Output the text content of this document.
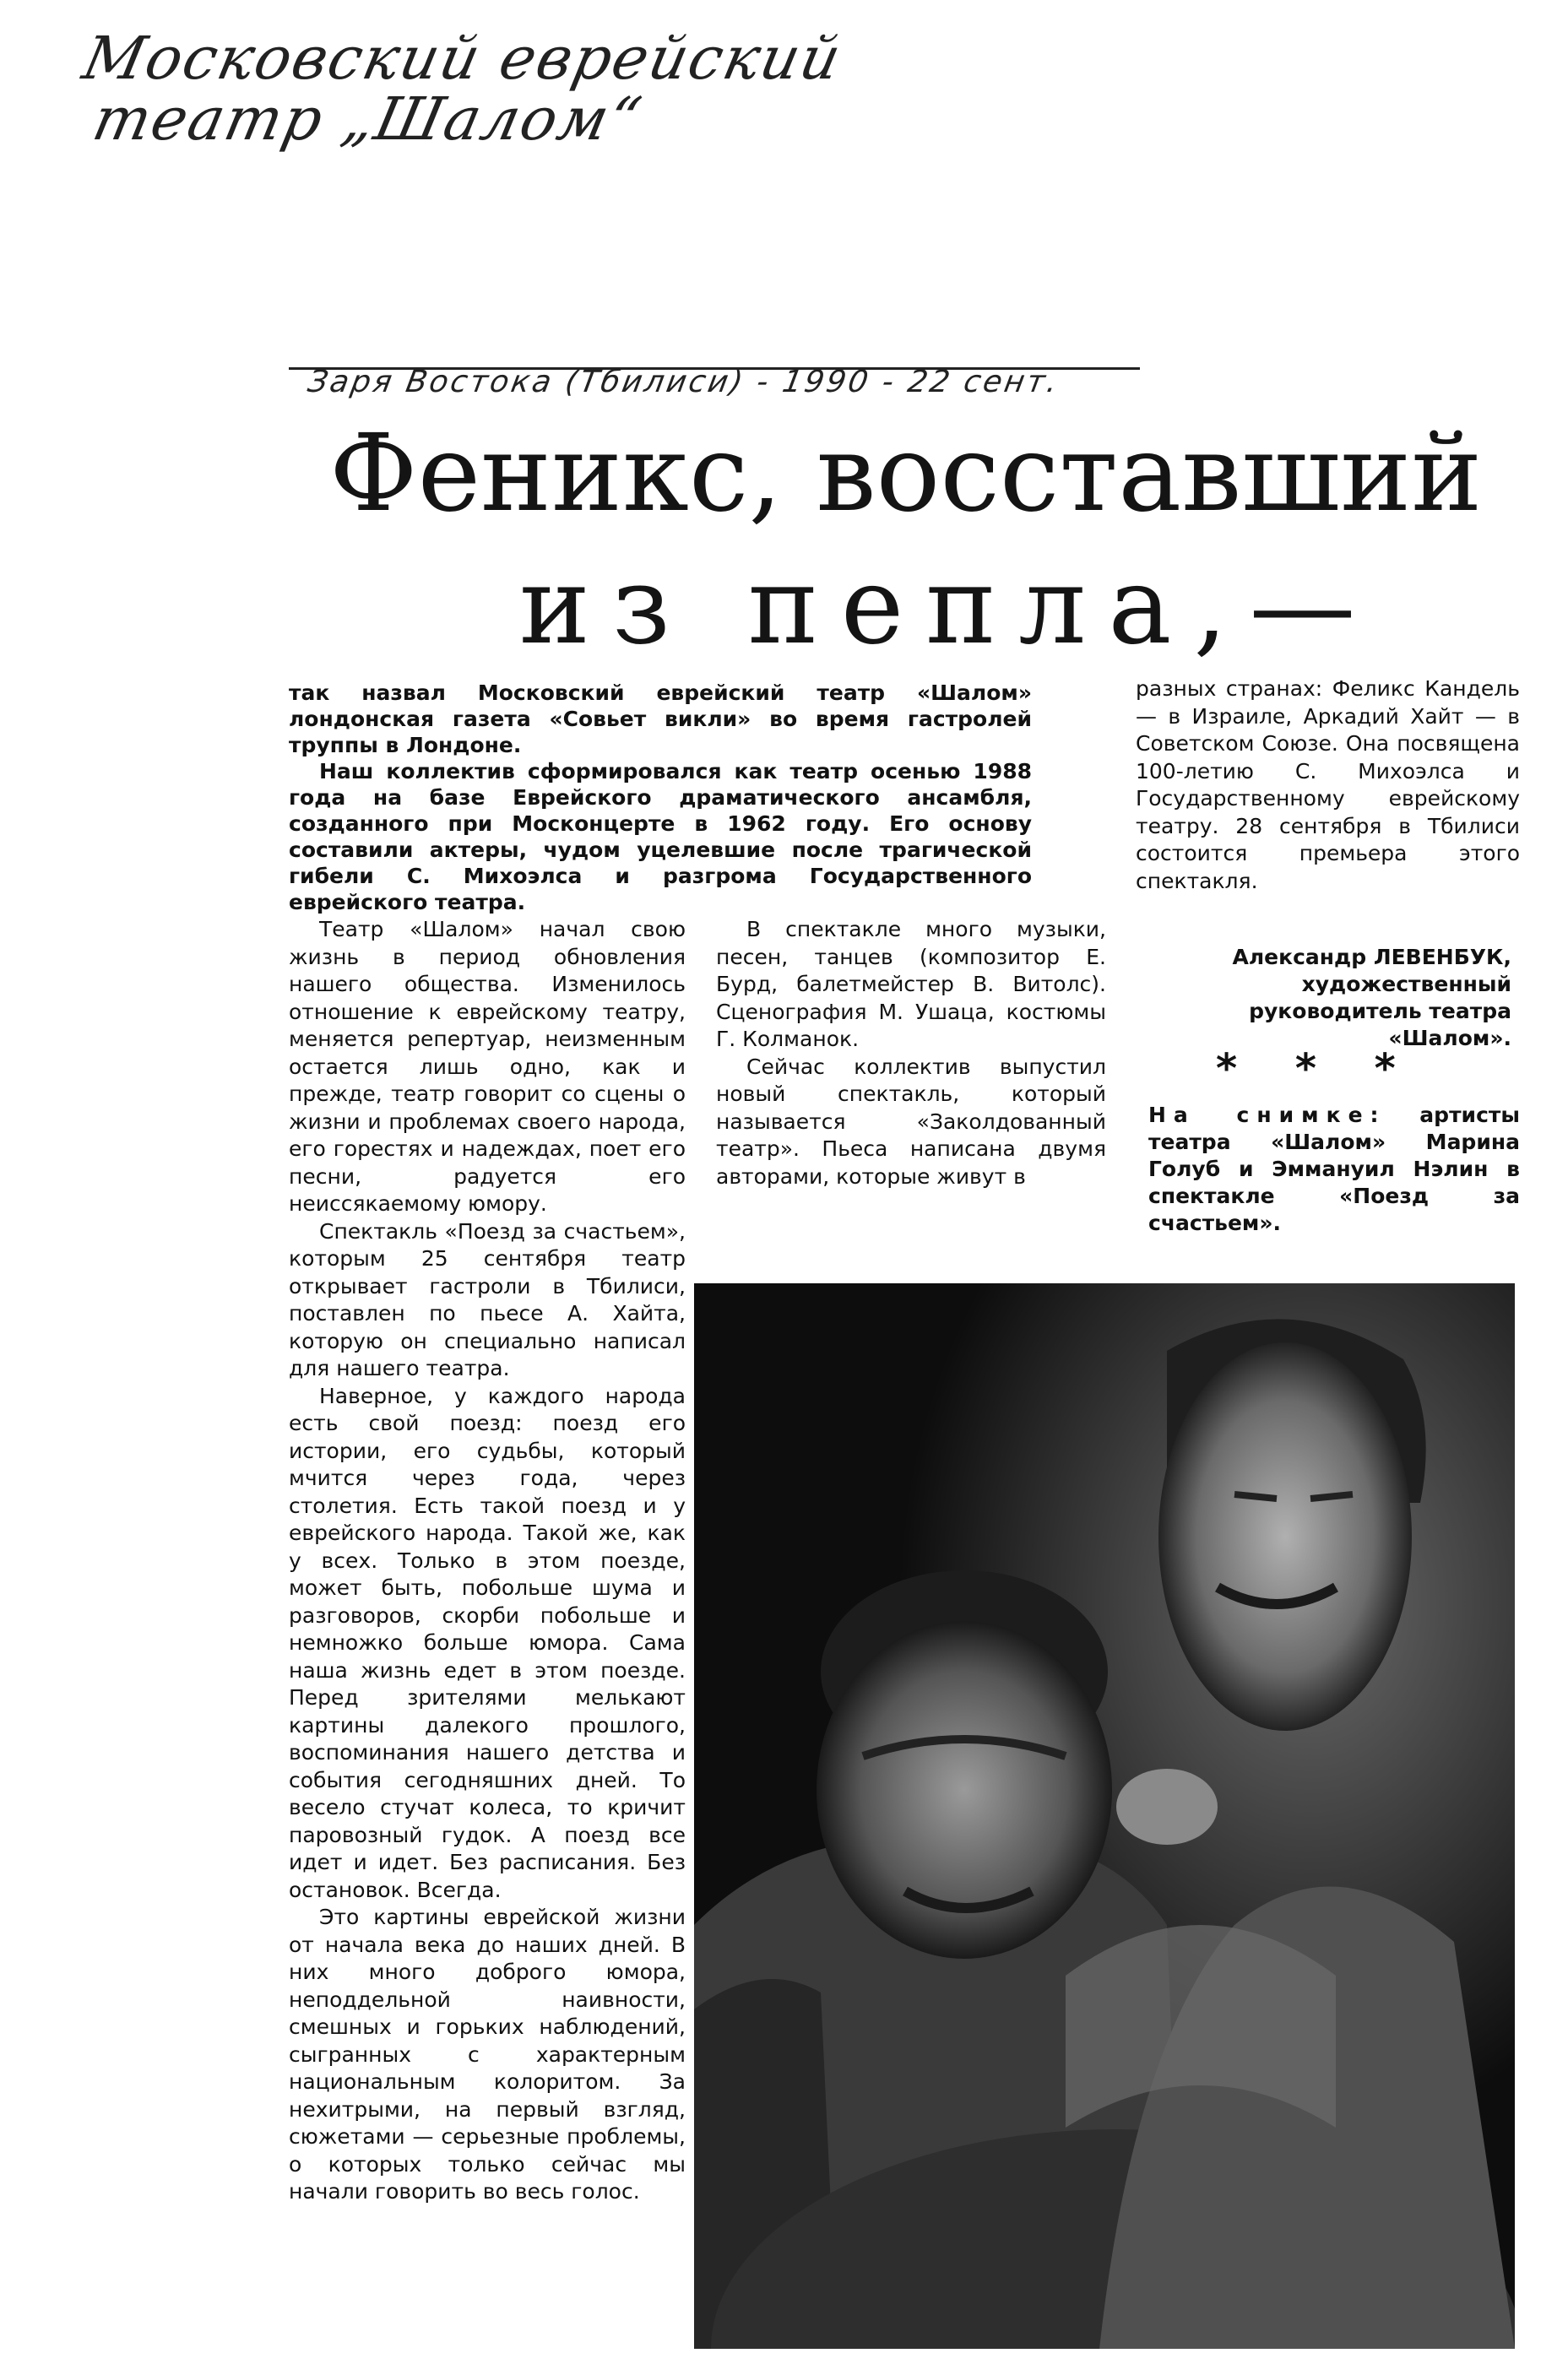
Московский еврейский
театр „Шалом“
Заря Востока (Тбилиси) - 1990 - 22 сент.
Феникс, восставший
из пепла,—

так назвал Московский еврейский театр «Шалом» лондонская газета «Совьет викли» во время гастролей труппы в Лондоне.

Наш коллектив сформировался как театр осенью 1988 года на базе Еврейского драматического ансамбля, созданного при Москонцерте в 1962 году. Его основу составили актеры, чудом уцелевшие после трагической гибели С. Михоэлса и разгрома Государственного еврейского театра.

Театр «Шалом» начал свою жизнь в период обновления нашего общества. Изменилось отношение к еврейскому театру, меняется репертуар, неизменным остается лишь одно, как и прежде, театр говорит со сцены о жизни и проблемах своего народа, его горестях и надеждах, поет его песни, радуется его неиссякаемому юмору.

Спектакль «Поезд за счастьем», которым 25 сентября театр открывает гастроли в Тбилиси, поставлен по пьесе А. Хайта, которую он специально написал для нашего театра.

Наверное, у каждого народа есть свой поезд: поезд его истории, его судьбы, который мчится через года, через столетия. Есть такой поезд и у еврейского народа. Такой же, как у всех. Только в этом поезде, может быть, побольше шума и разговоров, скорби побольше и немножко больше юмора. Сама наша жизнь едет в этом поезде. Перед зрителями мелькают картины далекого прошлого, воспоминания нашего детства и события сегодняшних дней. То весело стучат колеса, то кричит паровозный гудок. А поезд все идет и идет. Без расписания. Без остановок. Всегда.

Это картины еврейской жизни от начала века до наших дней. В них много доброго юмора, неподдельной наивности, смешных и горьких наблюдений, сыгранных с характерным национальным колоритом. За нехитрыми, на первый взгляд, сюжетами — серьезные проблемы, о которых только сейчас мы начали говорить во весь голос.

В спектакле много музыки, песен, танцев (композитор Е. Бурд, балетмейстер В. Витолс). Сценография М. Ушаца, костюмы Г. Колманок.

Сейчас коллектив выпустил новый спектакль, который называется «Заколдованный театр». Пьеса написана двумя авторами, которые живут в

разных странах: Феликс Кандель — в Израиле, Аркадий Хайт — в Советском Союзе. Она посвящена 100-летию С. Михоэлса и Государственному еврейскому театру. 28 сентября в Тбилиси состоится премьера этого спектакля.

Александр ЛЕВЕНБУК,
художественный руководитель театра «Шалом».
* * *
На снимке: артисты театра «Шалом» Марина Голуб и Эммануил Нэлин в спектакле «Поезд за счастьем».
